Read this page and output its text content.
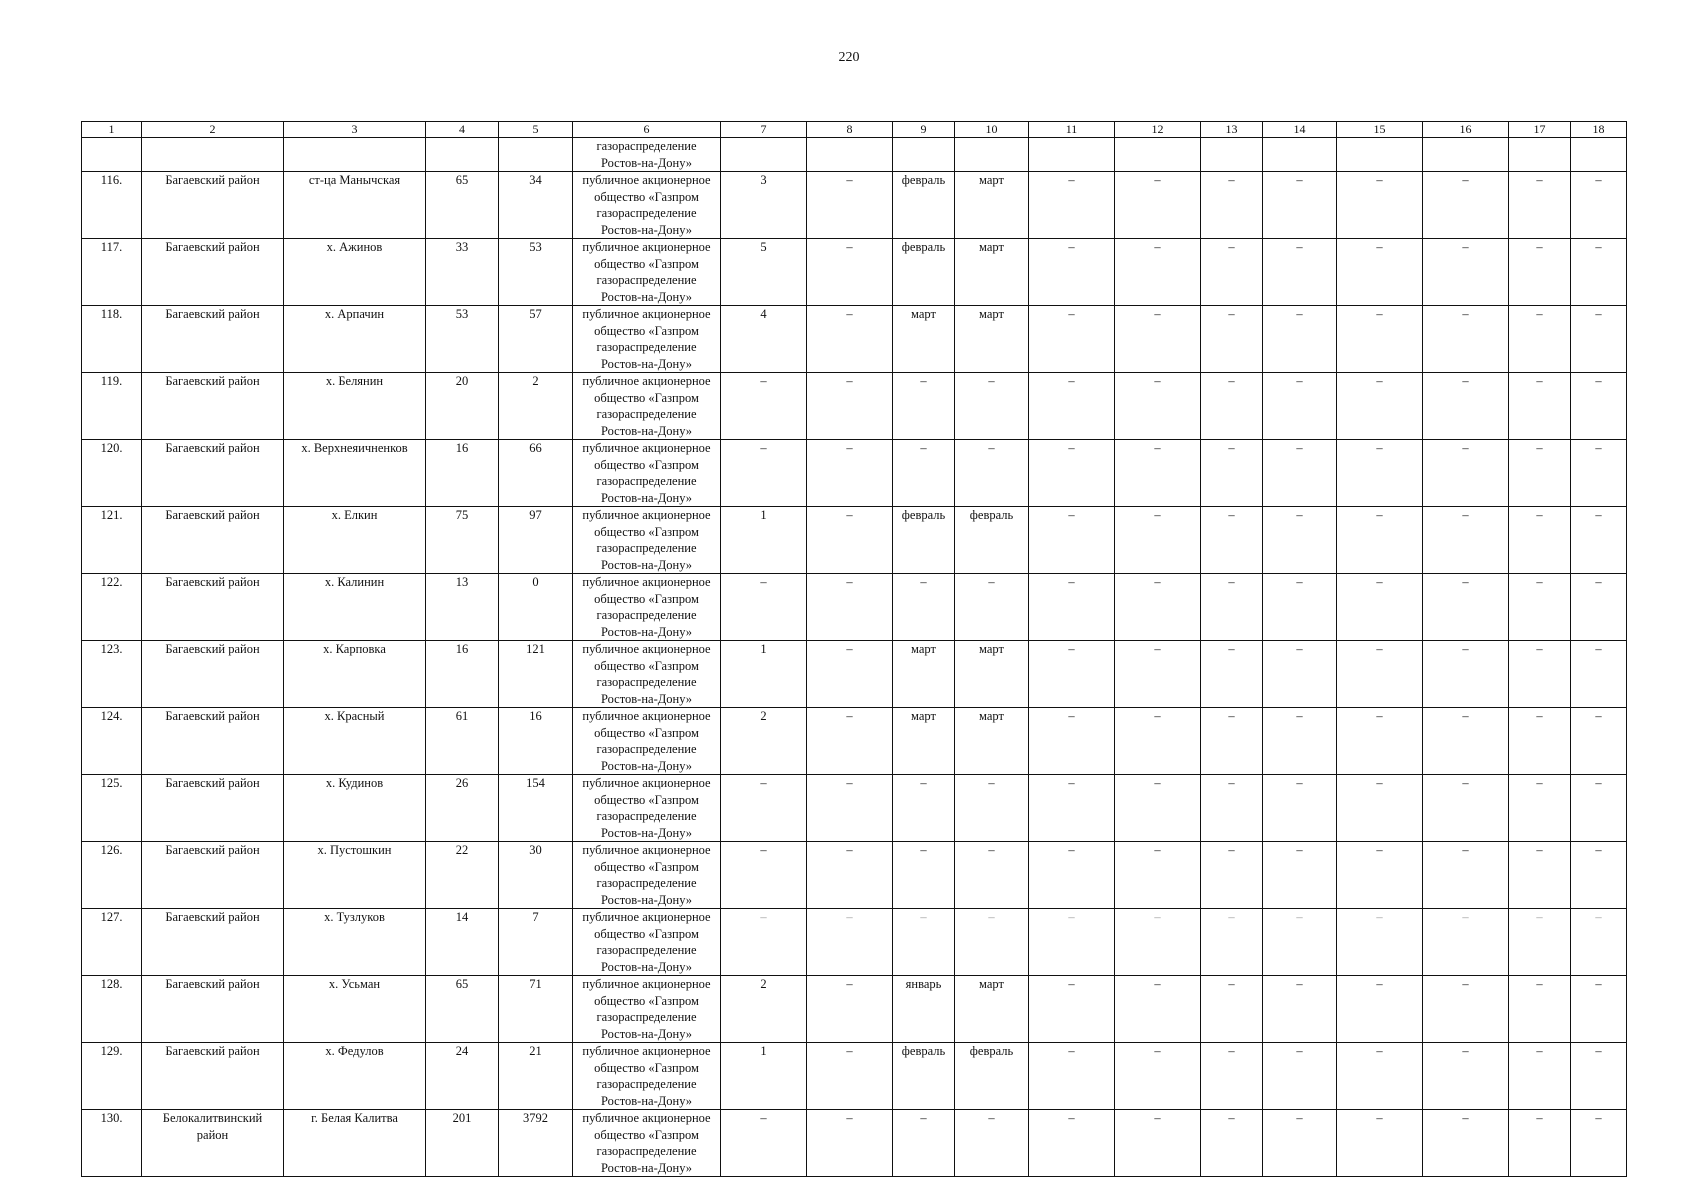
220
1	2	3	4	5	6	7	8	9	10	11	12	13	14	15	16	17	18
					газораспределение
Ростов-на-Дону»												
116.	Багаевский район	ст-ца Манычская	65	34	публичное акционерное
общество «Газпром
газораспределение
Ростов-на-Дону»	3	–	февраль	март	–	–	–	–	–	–	–	–
117.	Багаевский район	х. Ажинов	33	53	публичное акционерное
общество «Газпром
газораспределение
Ростов-на-Дону»	5	–	февраль	март	–	–	–	–	–	–	–	–
118.	Багаевский район	х. Арпачин	53	57	публичное акционерное
общество «Газпром
газораспределение
Ростов-на-Дону»	4	–	март	март	–	–	–	–	–	–	–	–
119.	Багаевский район	х. Белянин	20	2	публичное акционерное
общество «Газпром
газораспределение
Ростов-на-Дону»	–	–	–	–	–	–	–	–	–	–	–	–
120.	Багаевский район	х. Верхнеяичненков	16	66	публичное акционерное
общество «Газпром
газораспределение
Ростов-на-Дону»	–	–	–	–	–	–	–	–	–	–	–	–
121.	Багаевский район	х. Елкин	75	97	публичное акционерное
общество «Газпром
газораспределение
Ростов-на-Дону»	1	–	февраль	февраль	–	–	–	–	–	–	–	–
122.	Багаевский район	х. Калинин	13	0	публичное акционерное
общество «Газпром
газораспределение
Ростов-на-Дону»	–	–	–	–	–	–	–	–	–	–	–	–
123.	Багаевский район	х. Карповка	16	121	публичное акционерное
общество «Газпром
газораспределение
Ростов-на-Дону»	1	–	март	март	–	–	–	–	–	–	–	–
124.	Багаевский район	х. Красный	61	16	публичное акционерное
общество «Газпром
газораспределение
Ростов-на-Дону»	2	–	март	март	–	–	–	–	–	–	–	–
125.	Багаевский район	х. Кудинов	26	154	публичное акционерное
общество «Газпром
газораспределение
Ростов-на-Дону»	–	–	–	–	–	–	–	–	–	–	–	–
126.	Багаевский район	х. Пустошкин	22	30	публичное акционерное
общество «Газпром
газораспределение
Ростов-на-Дону»	–	–	–	–	–	–	–	–	–	–	–	–
127.	Багаевский район	х. Тузлуков	14	7	публичное акционерное
общество «Газпром
газораспределение
Ростов-на-Дону»	–	–	–	–	–	–	–	–	–	–	–	–
128.	Багаевский район	х. Усьман	65	71	публичное акционерное
общество «Газпром
газораспределение
Ростов-на-Дону»	2	–	январь	март	–	–	–	–	–	–	–	–
129.	Багаевский район	х. Федулов	24	21	публичное акционерное
общество «Газпром
газораспределение
Ростов-на-Дону»	1	–	февраль	февраль	–	–	–	–	–	–	–	–
130.	Белокалитвинский
район	г. Белая Калитва	201	3792	публичное акционерное
общество «Газпром
газораспределение
Ростов-на-Дону»	–	–	–	–	–	–	–	–	–	–	–	–
